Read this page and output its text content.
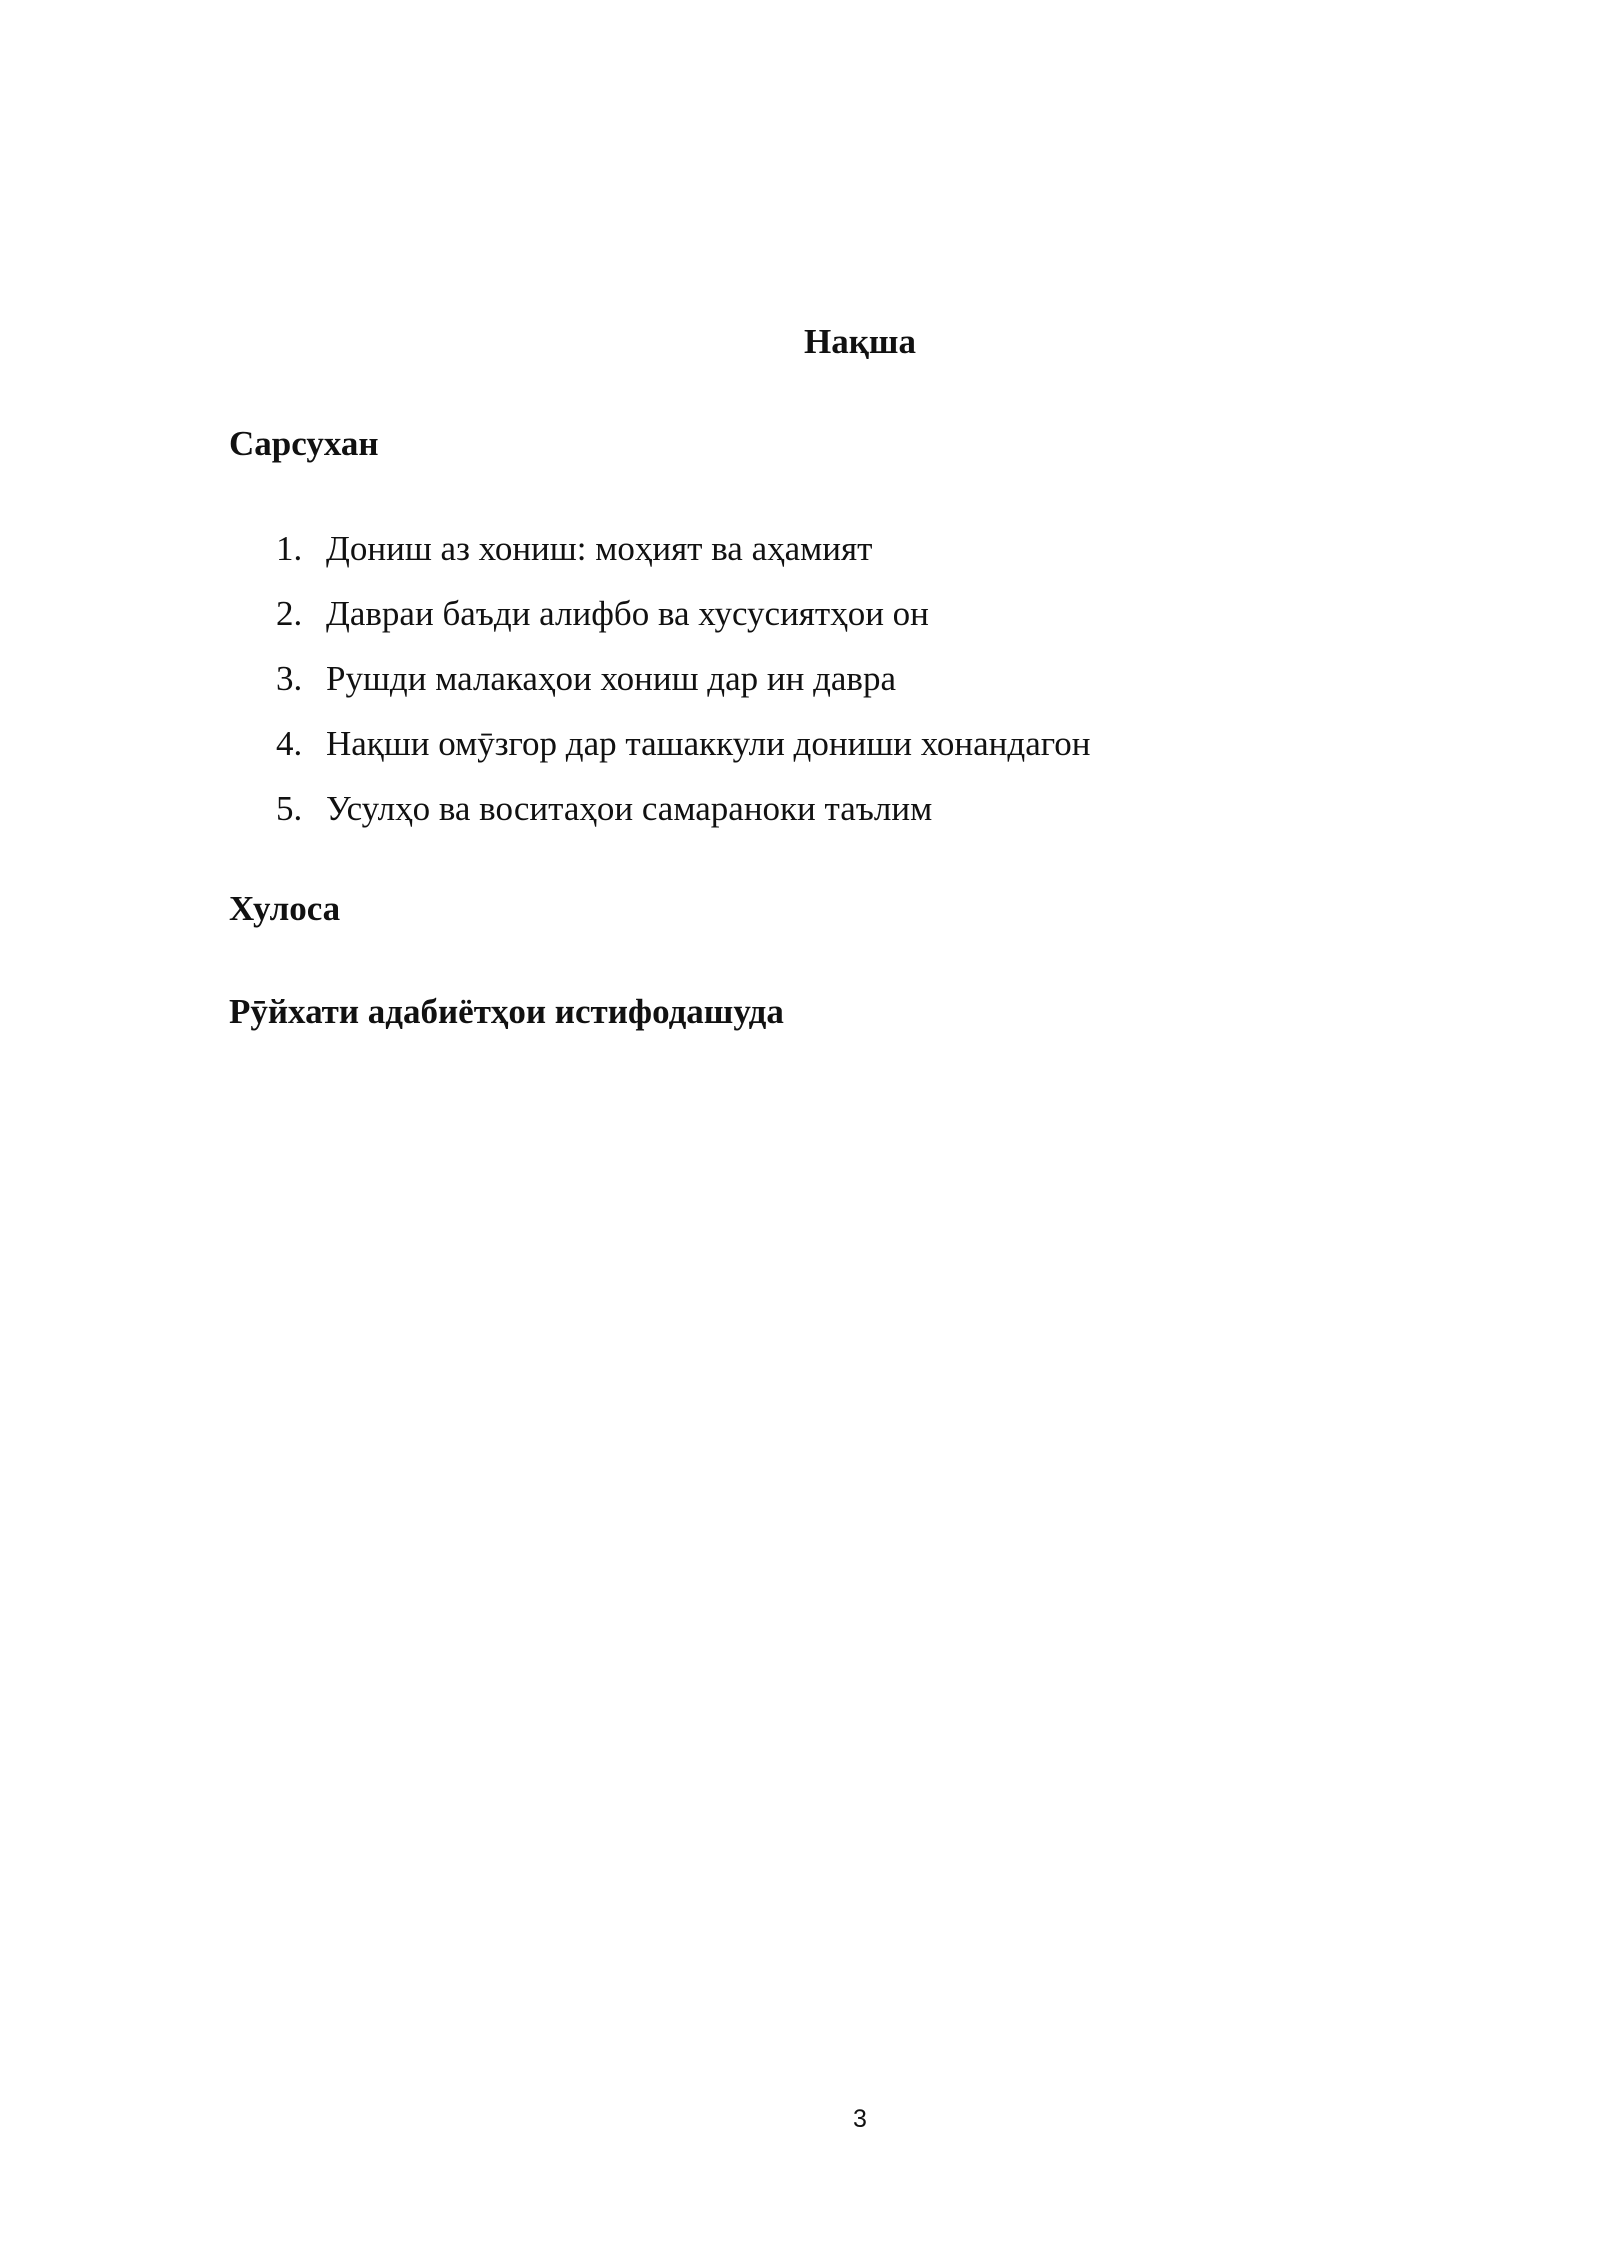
Нақша
Сарсухан
1. Дониш аз хониш: моҳият ва аҳамият
2. Давраи баъди алифбо ва хусусиятҳои он
3. Рушди малакаҳои хониш дар ин давра
4. Нақши омӯзгор дар ташаккули дониши хонандагон
5. Усулҳо ва воситаҳои самараноки таълим
Хулоса
Рӯйхати адабиётҳои истифодашуда
3
